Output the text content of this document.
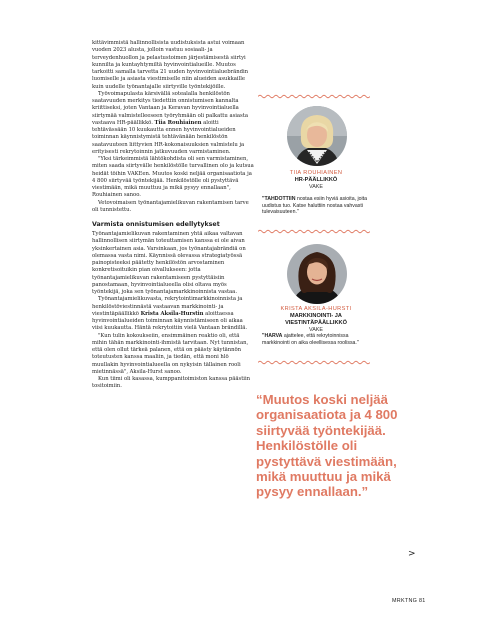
kittävimmistä hallinnollisista uudistuksista astui voimaan vuoden 2023 alusta, jolloin vastuu sosiaali- ja terveydenhuollon ja pelastustoimen järjestämisestä siirtyi kunnilta ja kuntayhtymiltä hyvinvointialueille. Muutos tarkoitti samalla tarvetta 21 uuden hyvinvointialuebrändin luomiselle ja asiasta viestimiselle niin alueiden asukkaille kuin uudelle työnantajalle siirtyville työntekijöille.

Työvoimapulasta kärsivällä sotealalla henkilöstön saatavuuden merkitys tiedettiin onnistumisen kannalta kriittiseksi, joten Vantaan ja Keravan hyvinvointialuella siirtymää valmistelleeseen työryhmään oli palkattu asiasta vastaava HR-päällikkö. Tiia Rouhiainen aloitti tehtävässään 10 kuukautta ennen hyvinvointialueiden toiminnan käynnistymistä tehtävänään henkilöstön saatavuuteen liittyvien HR-kokonaisuuksien valmistelu ja erityisesti rekrytoinnin jatkuvuuden varmistaminen.

"Yksi tärkeimmistä lähtökohdista oli sen varmistaminen, miten saada siirtyvälle henkilöstölle turvallinen olo ja kutsua heidät töihin VAKEen. Muutos koski neljää organisaatiota ja 4 800 siirtyvää työntekijää. Henkilöstölle oli pystyttävä viestimään, mikä muuttuu ja mikä pysyy ennallaan", Rouhiainen sanoo.

Vetovoimaisen työnantajamielikuvan rakentamisen tarve oli tunnistettu.

Varmista onnistumisen edellytykset

Työnantajamielikuvan rakentaminen yhtä aikaa valtavan hallinnollisen siirtymän toteuttamisen kanssa ei ole aivan yksinkertainen asia. Varsinkaan, jos työnantajabrändiä on olemassa vasta nimi. Käynnissä olevassa strategiatyössä painopisteeksi päätetty henkilöstön arvostaminen konkretisoituikin pian oivallukseen: jotta työnantajamielikuvan rakentamiseen pystyttäisiin panostamaan, hyvinvointialueella olisi oltava myös työntekijä, joka sen työnantajamarkkinoinnista vastaa.

Työnantajamielikuvasta, rekrytointimarkkinoinnista ja henkilöstöviestinnästä vastaavan markkinointi- ja viestintäpäällikkö Krista Aksila-Hurstin aloittaessa hyvinvointialueiden toiminnan käynnistämiseen oli aikaa viisi kuukautta. Häntä rekrytoitiin vielä Vantaan brändillä.

"Kun tulin kokoukseiin, ensimmäinen reaktio oli, että mihin tähän markkinointi-ihmistä tarvitaan. Nyt tunnistan, että olen ollut tärkeä palanen, että on päästy käytännön toteutusten kanssa maaliin, ja tiedän, että moni hlö muullakin hyvinvointialueella on nykyisin tällainen rooli mietinnässä", Aksila-Hurst sanoo.

Kun tiimi oli kasassa, kumppanitoimiston kanssa päästiin tositoimiin.

TIIA ROUHIAINEN
HR-PÄÄLLIKKÖ
VAKE
"TAHDOTTIIN nostaa esiin hyviä asioita, joita uudistus tuo. Katse haluttiin nostaa vahvasti tulevaisuuteen."
KRISTA AKSILA-HURSTI
MARKKINOINTI- JA VIESTINTÄPÄÄLLIKKÖ
VAKE
"HARVA ajattelee, että rekrytoinnissa markkinointi on aika oleellisessa roolissa."
“Muutos koski neljää organisaatiota ja 4 800 siirtyvää työntekijää. Henkilöstölle oli pystyttävä viestimään, mikä muuttuu ja mikä pysyy ennallaan.”
>
MRKTNG 81
